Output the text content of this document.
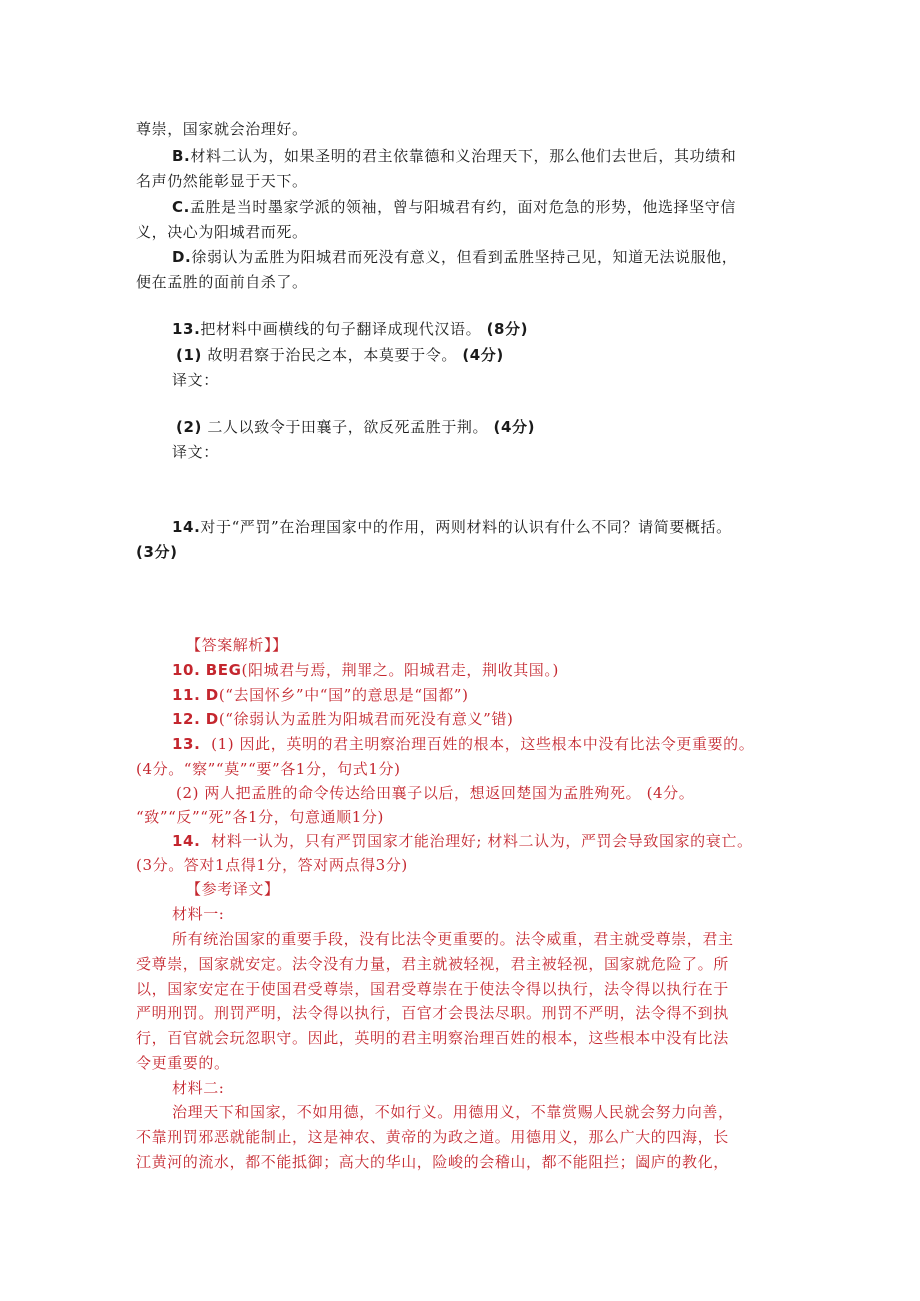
尊崇，国家就会治理好。
B.材料二认为，如果圣明的君主依靠德和义治理天下，那么他们去世后，其功绩和
名声仍然能彰显于天下。
C.孟胜是当时墨家学派的领袖，曾与阳城君有约，面对危急的形势，他选择坚守信
义，决心为阳城君而死。
D.徐弱认为孟胜为阳城君而死没有意义，但看到孟胜坚持己见，知道无法说服他，
便在孟胜的面前自杀了。
13.把材料中画横线的句子翻译成现代汉语。 (8分)
(1) 故明君察于治民之本，本莫要于令。 (4分)
译文：
(2) 二人以致令于田襄子，欲反死孟胜于荆。 (4分)
译文：
14.对于“严罚”在治理国家中的作用，两则材料的认识有什么不同？请简要概括。
(3分)
【答案解析】】
10. BEG(阳城君与焉，荆罪之。阳城君走，荆收其国。)
11. D(“去国怀乡”中“国”的意思是“国都”)
12. D(“徐弱认为孟胜为阳城君而死没有意义”错)
13. (1) 因此，英明的君主明察治理百姓的根本，这些根本中没有比法令更重要的。
(4分。“察”“莫”“要”各1分，句式1分)
(2) 两人把孟胜的命令传达给田襄子以后，想返回楚国为孟胜殉死。 (4分。
“致”“反”“死”各1分，句意通顺1分)
14. 材料一认为，只有严罚国家才能治理好; 材料二认为，严罚会导致国家的衰亡。
(3分。答对1点得1分，答对两点得3分)
【参考译文】
材料一:
所有统治国家的重要手段，没有比法令更重要的。法令威重，君主就受尊崇，君主
受尊崇，国家就安定。法令没有力量，君主就被轻视，君主被轻视，国家就危险了。所
以，国家安定在于使国君受尊崇，国君受尊崇在于使法令得以执行，法令得以执行在于
严明刑罚。刑罚严明，法令得以执行，百官才会畏法尽职。刑罚不严明，法令得不到执
行，百官就会玩忽职守。因此，英明的君主明察治理百姓的根本，这些根本中没有比法
令更重要的。
材料二:
治理天下和国家，不如用德，不如行义。用德用义，不靠赏赐人民就会努力向善，
不靠刑罚邪恶就能制止，这是神农、黄帝的为政之道。用德用义，那么广大的四海，长
江黄河的流水，都不能抵御；高大的华山，险峻的会稽山，都不能阻拦；阖庐的教化，
